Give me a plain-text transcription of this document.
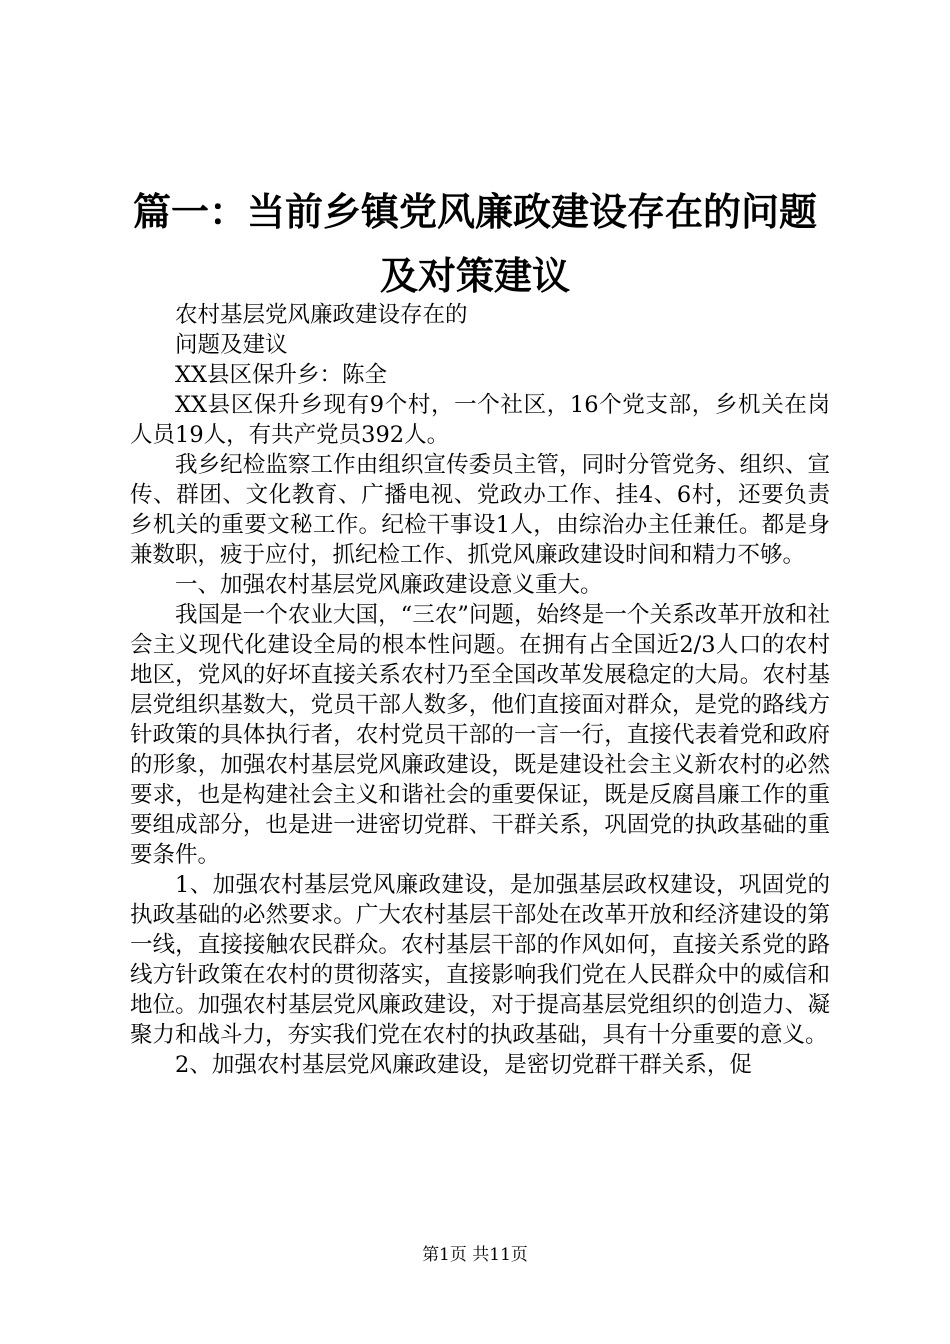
篇一：当前乡镇党风廉政建设存在的问题及对策建议

农村基层党风廉政建设存在的

问题及建议

XX县区保升乡：陈全

XX县区保升乡现有9个村，一个社区，16个党支部，乡机关在岗人员19人，有共产党员392人。

我乡纪检监察工作由组织宣传委员主管，同时分管党务、组织、宣传、群团、文化教育、广播电视、党政办工作、挂4、6村，还要负责乡机关的重要文秘工作。纪检干事设1人，由综治办主任兼任。都是身兼数职，疲于应付，抓纪检工作、抓党风廉政建设时间和精力不够。

一、加强农村基层党风廉政建设意义重大。

我国是一个农业大国，“三农”问题，始终是一个关系改革开放和社会主义现代化建设全局的根本性问题。在拥有占全国近2/3人口的农村地区，党风的好坏直接关系农村乃至全国改革发展稳定的大局。农村基层党组织基数大，党员干部人数多，他们直接面对群众，是党的路线方针政策的具体执行者，农村党员干部的一言一行，直接代表着党和政府的形象，加强农村基层党风廉政建设，既是建设社会主义新农村的必然要求，也是构建社会主义和谐社会的重要保证，既是反腐昌廉工作的重要组成部分，也是进一进密切党群、干群关系，巩固党的执政基础的重要条件。

1、加强农村基层党风廉政建设，是加强基层政权建设，巩固党的执政基础的必然要求。广大农村基层干部处在改革开放和经济建设的第一线，直接接触农民群众。农村基层干部的作风如何，直接关系党的路线方针政策在农村的贯彻落实，直接影响我们党在人民群众中的威信和地位。加强农村基层党风廉政建设，对于提高基层党组织的创造力、凝聚力和战斗力，夯实我们党在农村的执政基础，具有十分重要的意义。

2、加强农村基层党风廉政建设，是密切党群干群关系，促

第1页 共11页
